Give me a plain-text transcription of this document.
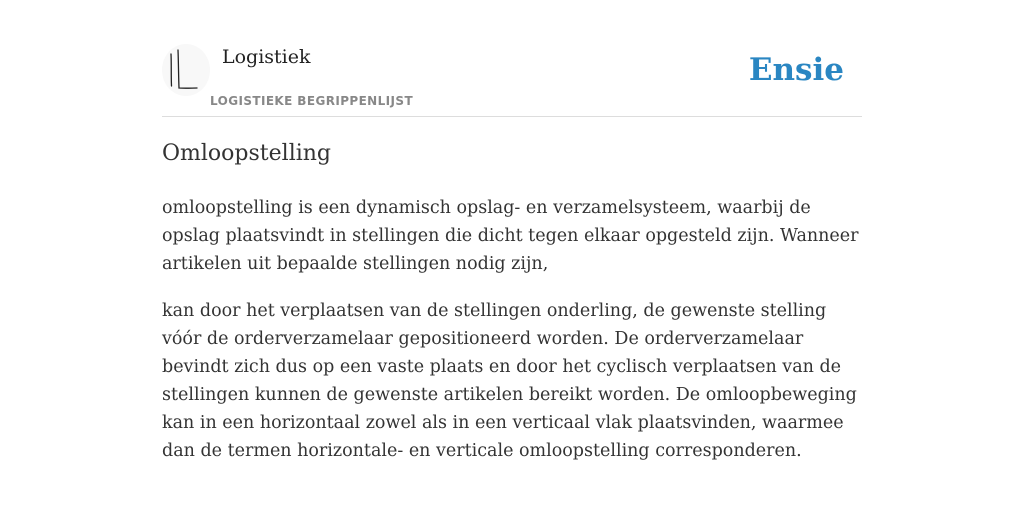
Logistiek
LOGISTIEKE BEGRIPPENLIJST
Ensie
Omloopstelling

omloopstelling is een dynamisch opslag- en verzamelsysteem, waarbij de opslag plaatsvindt in stellingen die dicht tegen elkaar opgesteld zijn. Wanneer artikelen uit bepaalde stellingen nodig zijn,

kan door het verplaatsen van de stellingen onderling, de gewenste stelling vóór de orderverzamelaar gepositioneerd worden. De orderverzamelaar bevindt zich dus op een vaste plaats en door het cyclisch verplaatsen van de stellingen kunnen de gewenste artikelen bereikt worden. De omloopbeweging kan in een horizontaal zowel als in een verticaal vlak plaatsvinden, waarmee dan de termen horizontale- en verticale omloopstelling corresponderen.
